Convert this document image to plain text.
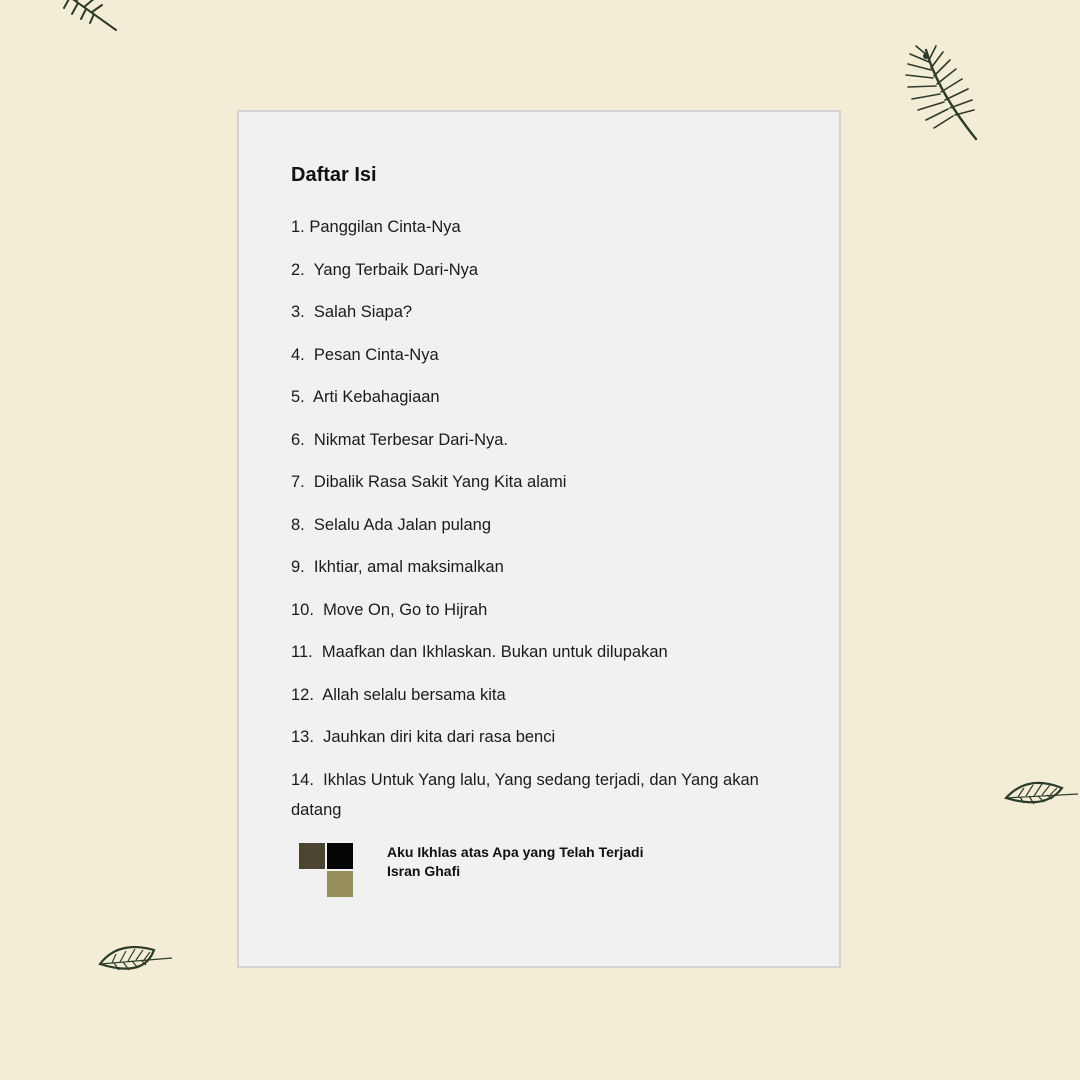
Daftar Isi
1. Panggilan Cinta-Nya
2.  Yang Terbaik Dari-Nya
3.  Salah Siapa?
4.  Pesan Cinta-Nya
5.  Arti Kebahagiaan
6.  Nikmat Terbesar Dari-Nya.
7.  Dibalik Rasa Sakit Yang Kita alami
8.  Selalu Ada Jalan pulang
9.  Ikhtiar, amal maksimalkan
10.  Move On, Go to Hijrah
11.  Maafkan dan Ikhlaskan. Bukan untuk dilupakan
12.  Allah selalu bersama kita
13.  Jauhkan diri kita dari rasa benci
14.  Ikhlas Untuk Yang lalu, Yang sedang terjadi, dan Yang akan datang
Aku Ikhlas atas Apa yang Telah Terjadi
Isran Ghafi
